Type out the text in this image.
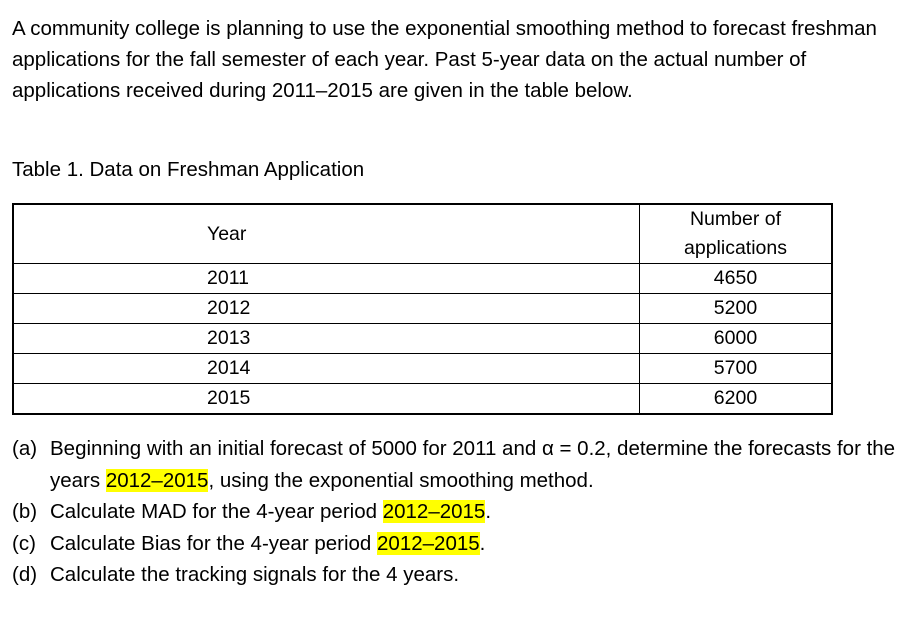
A community college is planning to use the exponential smoothing method to forecast freshman applications for the fall semester of each year. Past 5-year data on the actual number of applications received during 2011–2015 are given in the table below.

Table 1. Data on Freshman Application
Year	Number of applications
2011	4650
2012	5200
2013	6000
2014	5700
2015	6200
(a) Beginning with an initial forecast of 5000 for 2011 and α = 0.2, determine the forecasts for the years 2012–2015, using the exponential smoothing method.
(b) Calculate MAD for the 4-year period 2012–2015.
(c) Calculate Bias for the 4-year period 2012–2015.
(d) Calculate the tracking signals for the 4 years.
